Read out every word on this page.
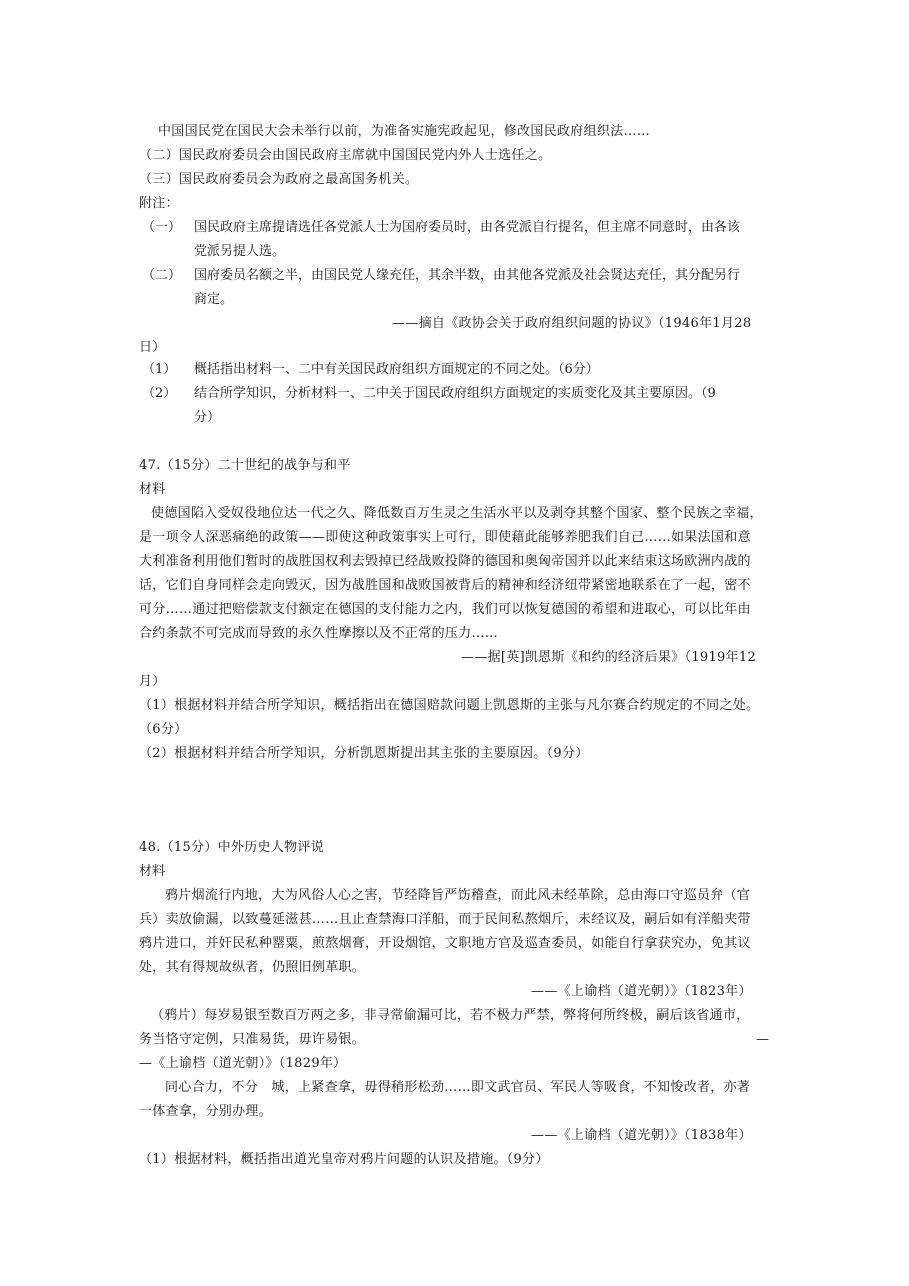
中国国民党在国民大会未举行以前，为准备实施宪政起见，修改国民政府组织法……
（二）国民政府委员会由国民政府主席就中国国民党内外人士选任之。
（三）国民政府委员会为政府之最高国务机关。
附注：
（一） 国民政府主席提请选任各党派人士为国府委员时，由各党派自行提名，但主席不同意时，由各该
党派另提人选。
（二） 国府委员名额之半，由国民党人缘充任，其余半数，由其他各党派及社会贤达充任，其分配另行
商定。
——摘自《政协会关于政府组织问题的协议》（1946年1月28
日）
（1） 概括指出材料一、二中有关国民政府组织方面规定的不同之处。（6分）
（2） 结合所学知识，分析材料一、二中关于国民政府组织方面规定的实质变化及其主要原因。（9
分）
47.（15分）二十世纪的战争与和平
材料
使德国陷入受奴役地位达一代之久、降低数百万生灵之生活水平以及剥夺其整个国家、整个民族之幸福，
是一项令人深恶痛绝的政策——即使这种政策事实上可行，即使藉此能够养肥我们自己……如果法国和意
大利准备利用他们暂时的战胜国权利去毁掉已经战败投降的德国和奥匈帝国并以此来结束这场欧洲内战的
话，它们自身同样会走向毁灭，因为战胜国和战败国被背后的精神和经济纽带紧密地联系在了一起，密不
可分……通过把赔偿款支付额定在德国的支付能力之内，我们可以恢复德国的希望和进取心，可以比年由
合约条款不可完成而导致的永久性摩擦以及不正常的压力……
——据[英]凯恩斯《和约的经济后果》（1919年12
月）
（1）根据材料并结合所学知识，概括指出在德国赔款问题上凯恩斯的主张与凡尔赛合约规定的不同之处。
（6分）
（2）根据材料并结合所学知识，分析凯恩斯提出其主张的主要原因。（9分）
48.（15分）中外历史人物评说
材料
鸦片烟流行内地，大为风俗人心之害，节经降旨严饬稽查，而此风未经革除，总由海口守巡员弁（官
兵）卖放偷漏，以致蔓延滋甚……且止查禁海口洋船，而于民间私熬烟斤，未经议及，嗣后如有洋船夹带
鸦片进口，并奸民私种罂粟，煎熬烟膏，开设烟馆，文职地方官及巡查委员，如能自行拿获究办，免其议
处，其有得规故纵者，仍照旧例革职。
——《上谕档（道光朝）》（1823年）
（鸦片）每岁易银至数百万两之多，非寻常偷漏可比，若不极力严禁，弊将何所终极，嗣后该省通市，
务当恪守定例，只准易货，毋许易银。	—
—《上谕档（道光朝）》（1829年）
同心合力，不分　城，上紧查拿，毋得稍形松劲……即文武官员、军民人等吸食，不知悛改者，亦著
一体查拿，分别办理。
——《上谕档（道光朝）》（1838年）
（1）根据材料，概括指出道光皇帝对鸦片问题的认识及措施。（9分）
